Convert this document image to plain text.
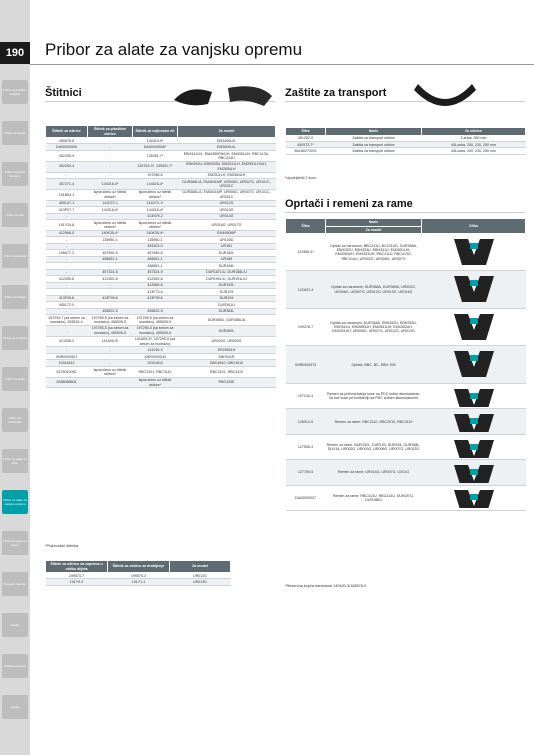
190
Pribor za bušilice i odvijače
Pribor za čekiće
Pribor za kutne brusilice
Pribor za pile
Pribor za glodala
Pribor za blanje
Pribor za brusilice
Pribor za škare
Pribor za usisavače
Pribor za alate za drvo
Pribor za alate za vanjsku opremu
Pribor za alate za beton
Punjači i baterije
Ostalo
Zaštitna oprema
Ostalo
Pribor za alate za vanjsku opremu
Štitnici
Štitnik za oštrice	Štitnik za plastične oštrice	Štitnik za najlonsku nit	Za model
450878-8	-	140424-9*	EM3400U/L
DA00000525	-	DA00000526*	EM2600U/L
452259-9	-	135391-7*	EBH341U/L, EM4350RH/UH, EM4351UH, RBC413U, RBC414U
452260-4	-	135753-3*, 135391-7*	EBH252U, EBH253U, EM2511LH, EM2551LH/UH, EM2654LH
-	-	197098-6	EM2511LH, EM2654LH
457271-4	144316-4*	144316-4*	DUR368L/A, EM4041MP, UR006G, UR007G, UR101C, UR201C
191B54-1	isporučeno uz štitnik oštrice*	isporučeno uz štitnik oštrice*	DUR368L/A, EM4041MP, UR006G, UR007G, UR101C, UR201C
459147-1	141D72-1	141D72-1*	UR012G
413P07-7	144316-4*	144316-4*	UR013G
-	-	413N75-2	UR014G
191Y24-8	isporučeno uz štitnik oštrice*	isporučeno uz štitnik oštrice*	UR016G, UR017G
412966-0	140K35-4*	140K35-4*	EM4950MP
-	135950-1	135950-1	UR100D
-	-	453303-0	UR181
196577-2	457990-6	457989-8	DUR182L
-	456651-1	456651-1	UR189
-	-	456651-1	DUR184L
-	457324-8	457324-9	DUR187L/U, DUR188L/U
412390-6	412392-8	412392-8	DUR190L/U, DUR191L/U
-	-	412569-8	DUR192L
-	-	413F73-4	DUR193
413F99-6	413F99-6	413F99-6	DUR194
455172-0	-	-	DUR361U
-	455622-5	455622-5	DUR364L
197294-7 (sa setom za montažu), 453815-4	197295-5 (sa setom za montažu), 455926-5	197295-5 (sa setom za montažu), 455926-5	DUR365U, DUR368L/A
-	197295-5 (sa setom za montažu), 455926-5	197295-5 (sa setom za montažu), 455926-5	DUR369L
413336-2	141A09-5*	141A09-5*, 197295-5 (sa setom za montažu)	UR002G, UR003G
-	-	141016-9	ER2550LH
XNR0000501	-	XNR0000343	EBH341R
10341812	-	10341812	DBC4510, DBC4510
6278010092	isporučeno uz štitnik oštrice*	RBC3101, RBC3110	RBC3101, RBC3110
6358088804	-	isporučeno uz štitnik oštrice*	RBC420E
*Proizvođač štitnika
Štitnik za oštricu sa zupcima u obliku dlijeta	Štitnik za oštricu za drobljenje	Za model
199873-7	199875-3	UR012G
191Y9-3	191Y1-1	UR013G
Zaštite za transport
Šifra	Naziv	Za oštrice
451252-0	Zaštita za transport oštrice	3-zuba, 350 mm
450573-7*	Zaštita za transport oštrice	4/8-zuba, 200, 230, 250 mm
B4180270GG	Zaštita za transport oštrice	4/8-zuba, 200, 230, 250 mm
*Upotrijebiti 2 kom
Oprtači i remeni za rame
Šifra	Naziv	Slika
	Za model	
122966-3*	Oprtač za naramom; BBC231U, BC231UD, DUR368A, EBH252U, EBH253U, EBH341U, EM2651UH, EM4350UH, EM4351UH, RBC411U, RBC413U, RBC414U, UR002G, UR006G, UR007G	
122A37-4	Oprtač za naramom; DUR368A, DUR369A, UR002G, UR006G, UR007G, UR012G, UR013G, UR016G	
199378-7	Oprtač za naramom; DUR368A, EBH252U, EBH253U, EBH341U, EM2650UH, EM2651UH, EM4350UH, EM4351UH, UR006G, UR007G, UR012G, UR013G	
XNR0000474	Oprtač; BBC, BC, EBH, EM	
197243-4	Remen za pričvršćivanje kose na PDC ledne akumulatore; Za sve kose pri korištenju sa PDC leđnim akumulatorom	
126012-6	Remen za rame; RBC2110, RBC2510, RBC3110	
127508-3	Remen za rame; DUR192L, DUR193, DUR194, DUR368L, DUX18, UR002G, UR003G, UR006G, UR007G, UR013G	
127759-5	Remen za rame; UR014G, UR007G, UX01G	
DA00000037	Remen za rame; RBC413U, RBC414U, DUR187U, DUR188U	
*Rezervna kopča naramena 140400-3/165578-0
